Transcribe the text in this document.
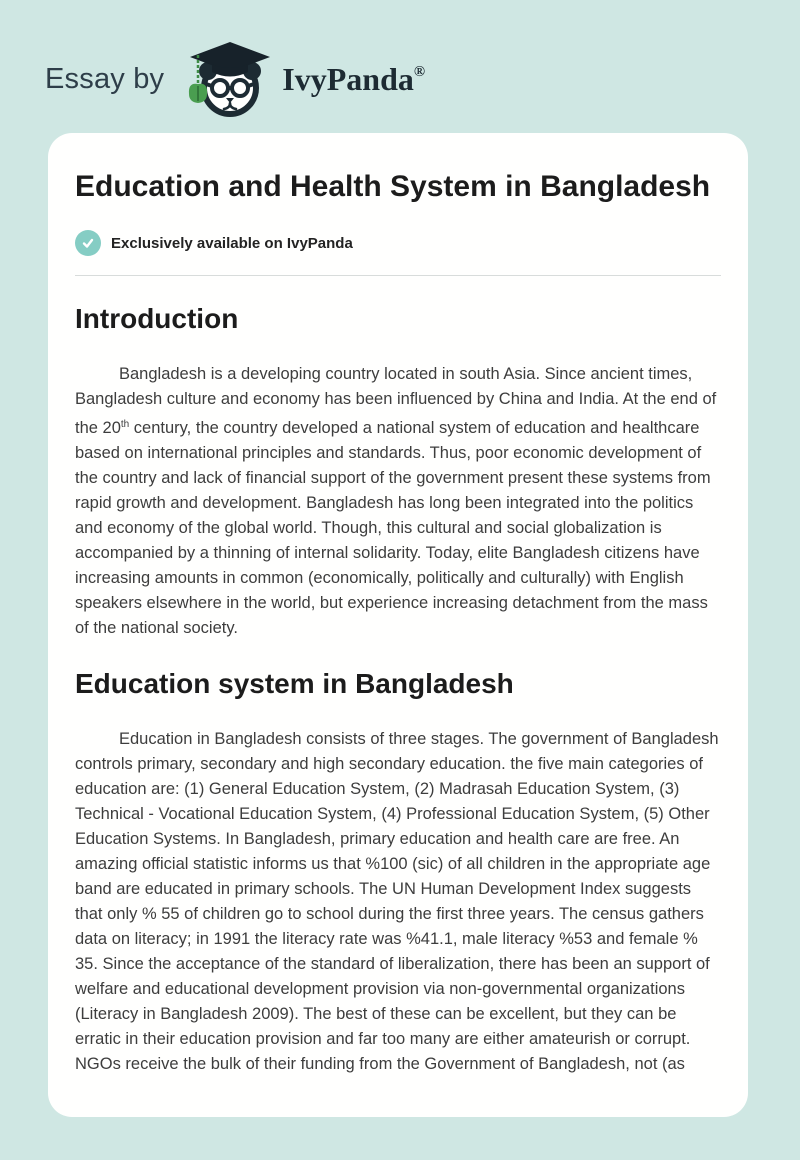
Essay by	IvyPanda®
Education and Health System in Bangladesh
Exclusively available on IvyPanda
Introduction

Bangladesh is a developing country located in south Asia. Since ancient times, Bangladesh culture and economy has been influenced by China and India. At the end of the 20th century, the country developed a national system of education and healthcare based on international principles and standards. Thus, poor economic development of the country and lack of financial support of the government present these systems from rapid growth and development. Bangladesh has long been integrated into the politics and economy of the global world. Though, this cultural and social globalization is accompanied by a thinning of internal solidarity. Today, elite Bangladesh citizens have increasing amounts in common (economically, politically and culturally) with English speakers elsewhere in the world, but experience increasing detachment from the mass of the national society.

Education system in Bangladesh

Education in Bangladesh consists of three stages. The government of Bangladesh controls primary, secondary and high secondary education. the five main categories of education are: (1) General Education System, (2) Madrasah Education System, (3) Technical - Vocational Education System, (4) Professional Education System, (5) Other Education Systems. In Bangladesh, primary education and health care are free. An amazing official statistic informs us that %100 (sic) of all children in the appropriate age band are educated in primary schools. The UN Human Development Index suggests that only % 55 of children go to school during the first three years. The census gathers data on literacy; in 1991 the literacy rate was %41.1, male literacy %53 and female % 35. Since the acceptance of the standard of liberalization, there has been an support of welfare and educational development provision via non-governmental organizations (Literacy in Bangladesh 2009). The best of these can be excellent, but they can be erratic in their education provision and far too many are either amateurish or corrupt. NGOs receive the bulk of their funding from the Government of Bangladesh, not (as
